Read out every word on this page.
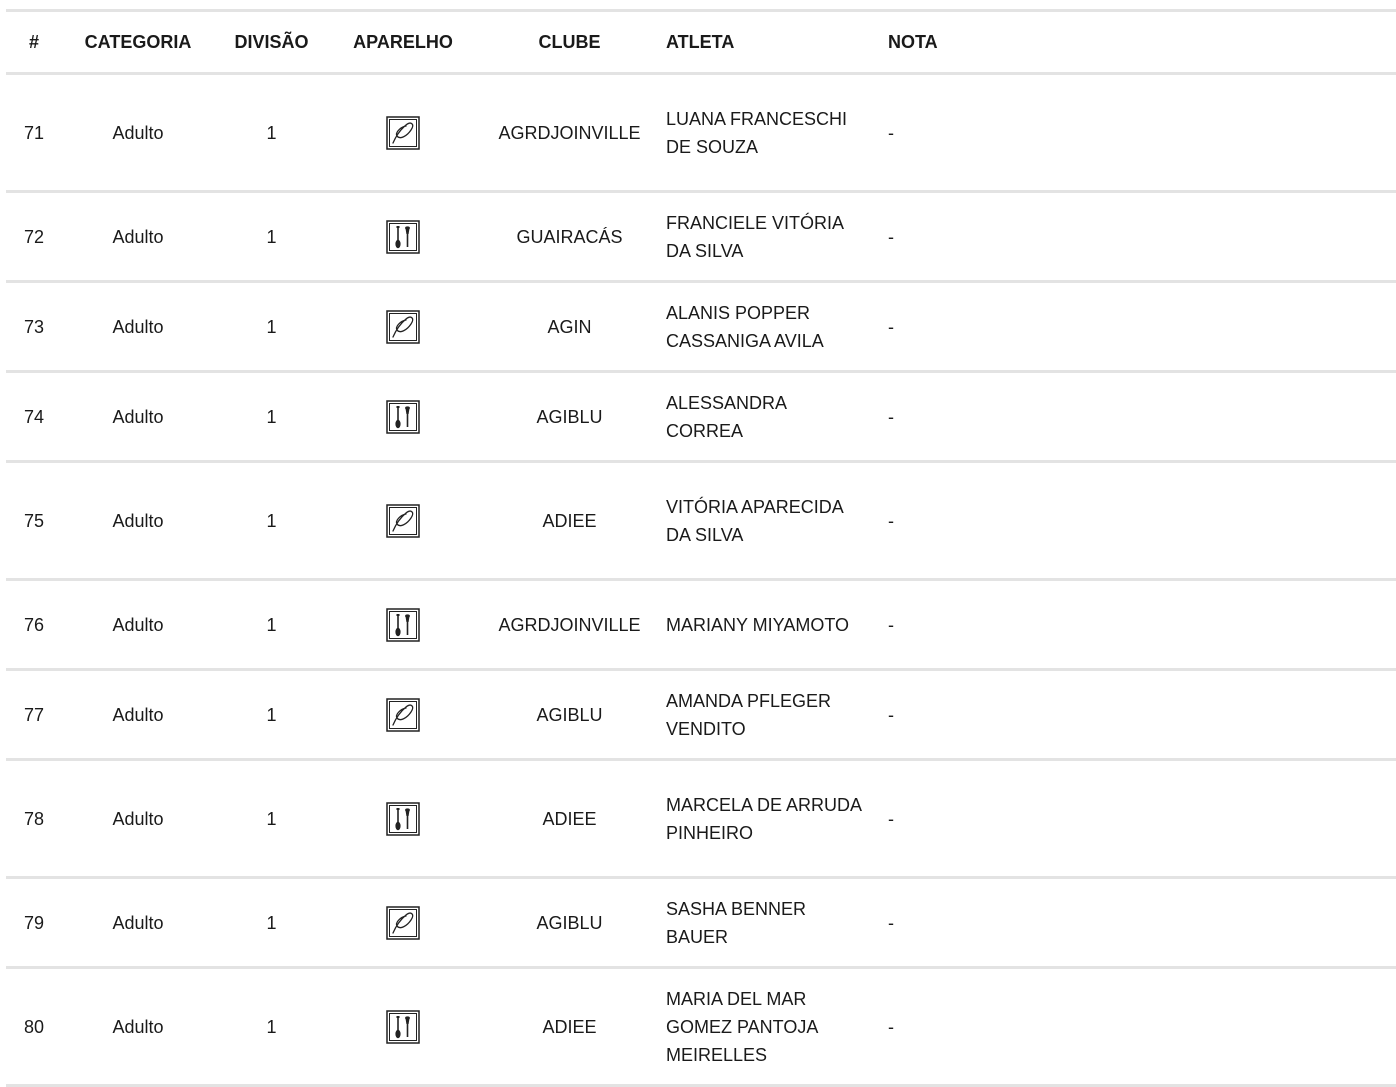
#	CATEGORIA	DIVISÃO	APARELHO	CLUBE	ATLETA	NOTA
71	Adulto	1		AGRDJOINVILLE	LUANA FRANCESCHI DE SOUZA	-
72	Adulto	1		GUAIRACÁS	FRANCIELE VITÓRIA DA SILVA	-
73	Adulto	1		AGIN	ALANIS POPPER CASSANIGA AVILA	-
74	Adulto	1		AGIBLU	ALESSANDRA CORREA	-
75	Adulto	1		ADIEE	VITÓRIA APARECIDA DA SILVA	-
76	Adulto	1		AGRDJOINVILLE	MARIANY MIYAMOTO	-
77	Adulto	1		AGIBLU	AMANDA PFLEGER VENDITO	-
78	Adulto	1		ADIEE	MARCELA DE ARRUDA PINHEIRO	-
79	Adulto	1		AGIBLU	SASHA BENNER BAUER	-
80	Adulto	1		ADIEE	MARIA DEL MAR GOMEZ PANTOJA MEIRELLES	-
